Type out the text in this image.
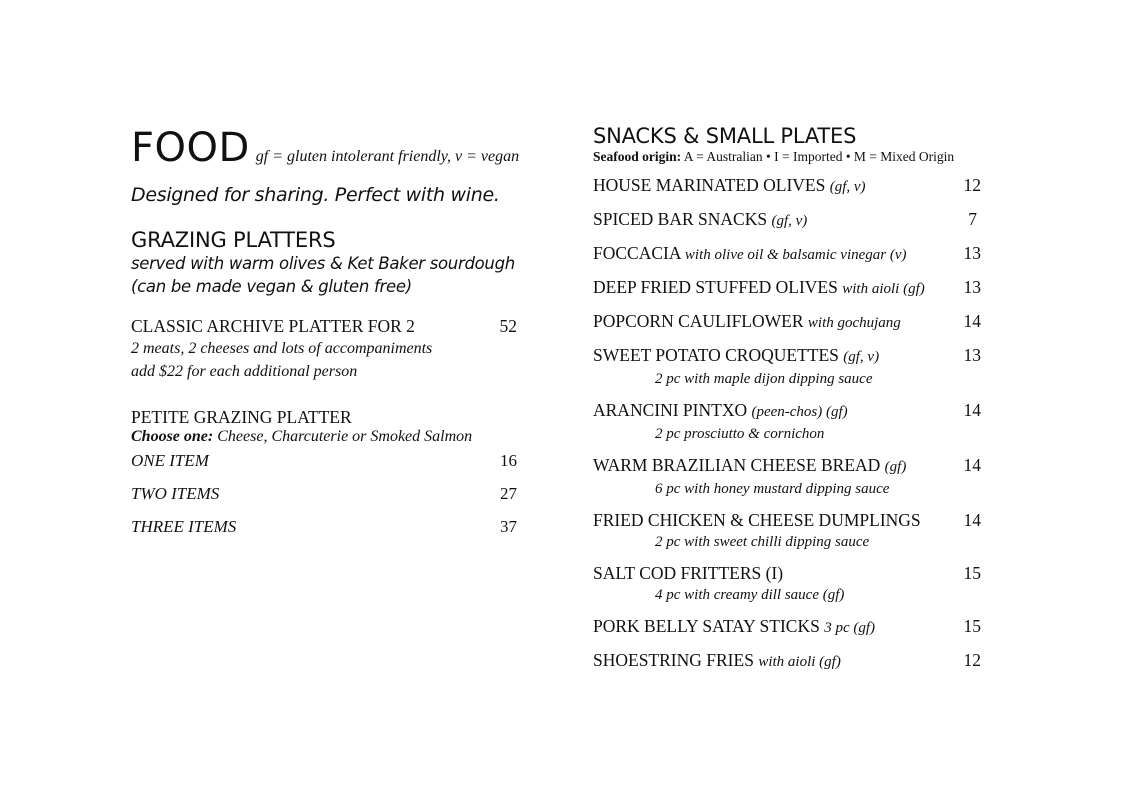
FOOD gf = gluten intolerant friendly, v = vegan
Designed for sharing. Perfect with wine.
GRAZING PLATTERS
served with warm olives & Ket Baker sourdough
(can be made vegan & gluten free)
CLASSIC ARCHIVE PLATTER FOR 2	52
2 meats, 2 cheeses and lots of accompaniments
add $22 for each additional person
PETITE GRAZING PLATTER
Choose one: Cheese, Charcuterie or Smoked Salmon
ONE ITEM	16
TWO ITEMS	27
THREE ITEMS	37
SNACKS & SMALL PLATES
Seafood origin: A = Australian • I = Imported • M = Mixed Origin
HOUSE MARINATED OLIVES (gf, v)	12
SPICED BAR SNACKS (gf, v)	7
FOCCACIA with olive oil & balsamic vinegar (v)	13
DEEP FRIED STUFFED OLIVES with aioli (gf)	13
POPCORN CAULIFLOWER with gochujang	14
SWEET POTATO CROQUETTES (gf, v)	13
2 pc with maple dijon dipping sauce
ARANCINI PINTXO (peen-chos) (gf)	14
2 pc prosciutto & cornichon
WARM BRAZILIAN CHEESE BREAD (gf)	14
6 pc with honey mustard dipping sauce
FRIED CHICKEN & CHEESE DUMPLINGS	14
2 pc with sweet chilli dipping sauce
SALT COD FRITTERS (I)	15
4 pc with creamy dill sauce (gf)
PORK BELLY SATAY STICKS 3 pc (gf)	15
SHOESTRING FRIES with aioli (gf)	12
